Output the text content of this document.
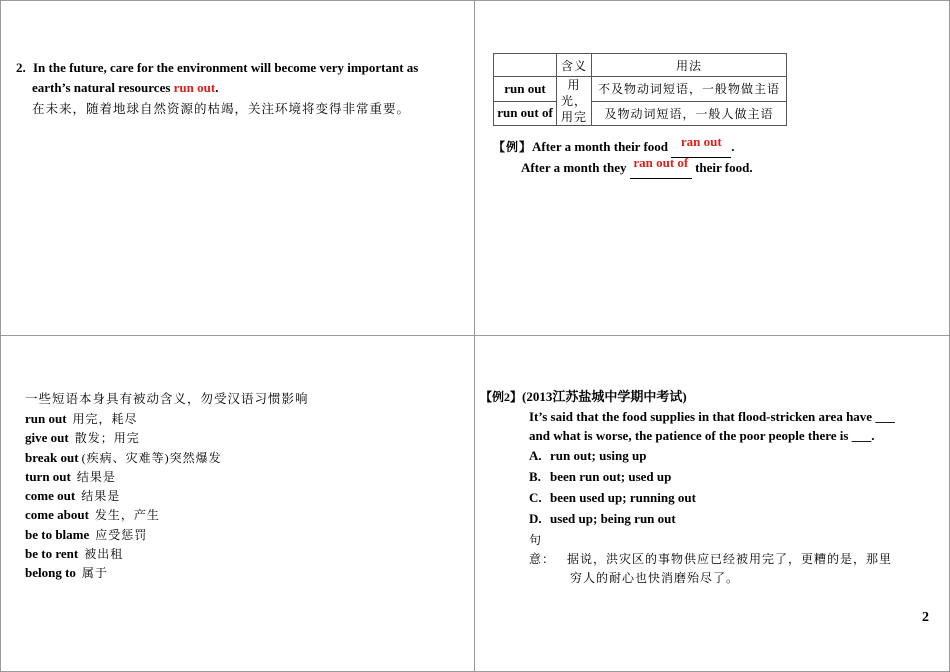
2. In the future, care for the environment will become very important as
earth’s natural resources run out.
在未来，随着地球自然资源的枯竭，关注环境将变得非常重要。
	含义	用法
run out	用光，用完	不及物动词短语，一般物做主语
run out of		及物动词短语，一般人做主语
【例】After a month their food ran out .
After a month they ran out of their food.
一些短语本身具有被动含义，勿受汉语习惯影响
run out 用完，耗尽
give out 散发；用完
break out (疾病、灾难等)突然爆发
turn out 结果是
come out 结果是
come about 发生，产生
be to blame 应受惩罚
be to rent 被出租
belong to 属于
【例2】(2013江苏盐城中学期中考试)
It’s said that the food supplies in that flood-stricken area have ___
and what is worse, the patience of the poor people there is ___.
A. run out; using up
B. been run out; used up
C. been used up; running out
D. used up; being run out
句意： 据说，洪灾区的事物供应已经被用完了，更糟的是，那里
穷人的耐心也快消磨殆尽了。
2
